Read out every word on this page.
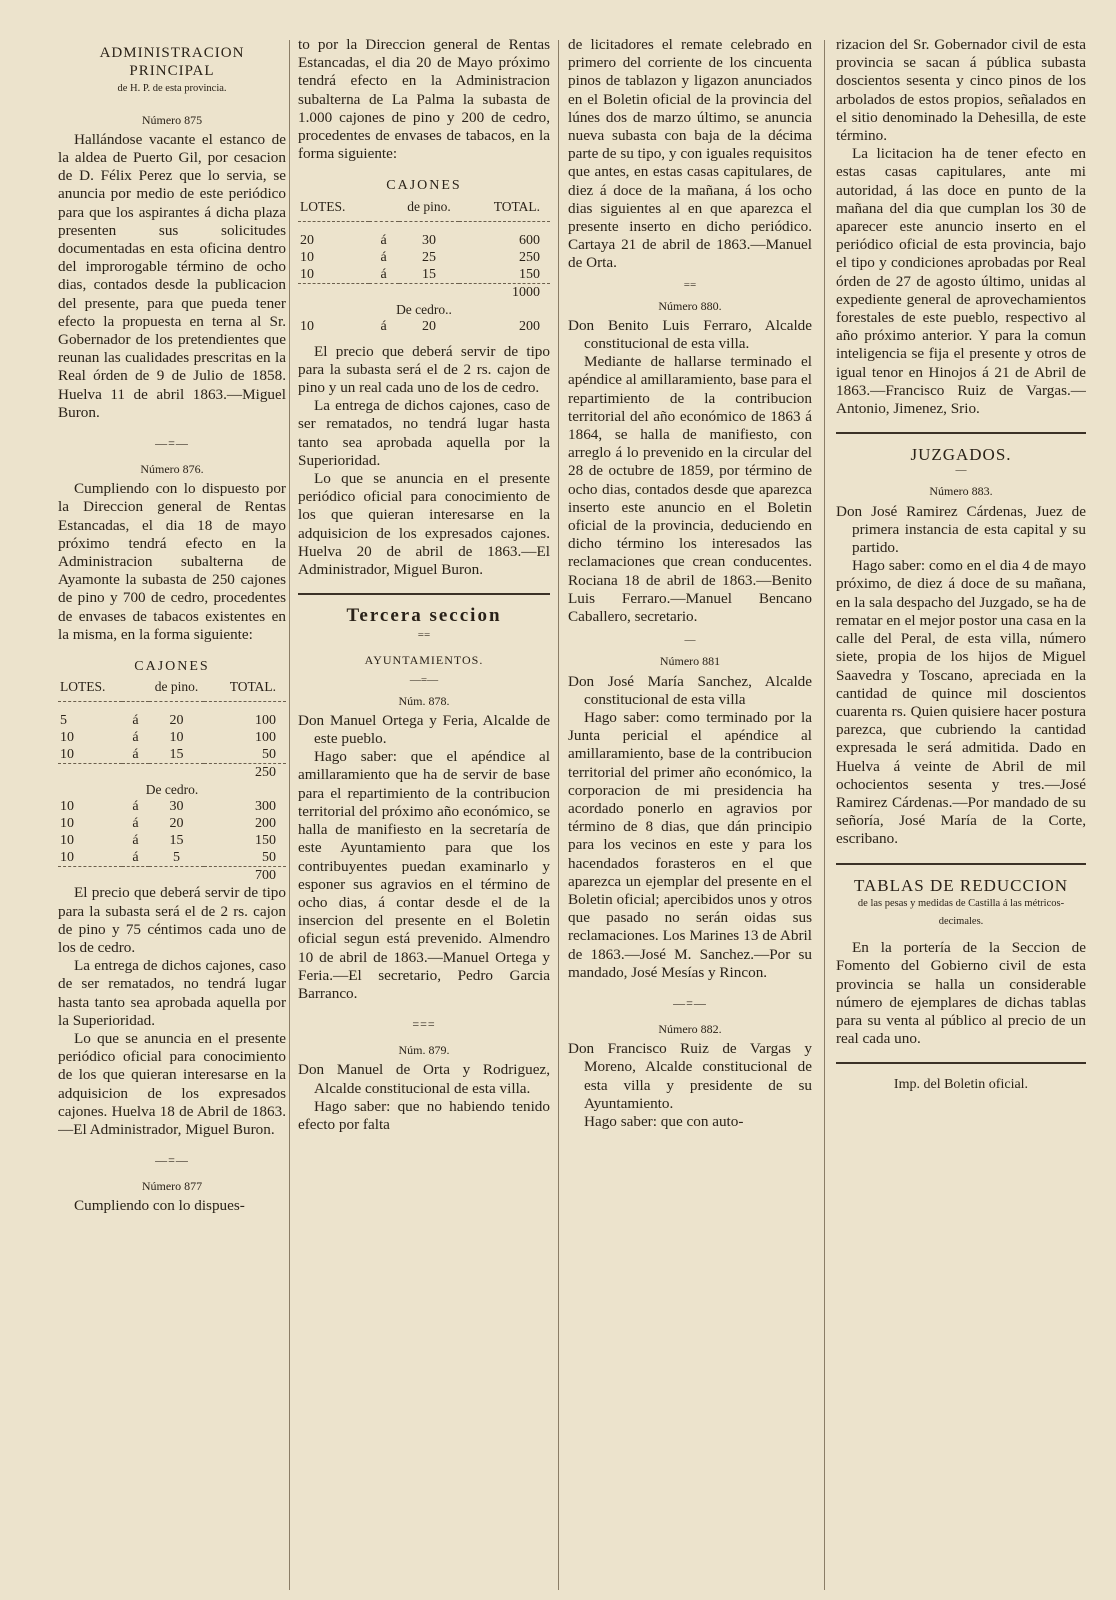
ADMINISTRACION PRINCIPAL
de H. P. de esta provincia.
Número 875

Hallándose vacante el estanco de la aldea de Puerto Gil, por cesacion de D. Félix Perez que lo servia, se anuncia por medio de este periódico para que los aspirantes á dicha plaza presenten sus solicitudes documentadas en esta oficina dentro del improrogable término de ocho dias, contados desde la publicacion del presente, para que pueda tener efecto la propuesta en terna al Sr. Gobernador de los pretendientes que reunan las cualidades prescritas en la Real órden de 9 de Julio de 1858. Huelva 11 de abril 1863.—Miguel Buron.

—=—
Número 876.

Cumpliendo con lo dispuesto por la Direccion general de Rentas Estancadas, el dia 18 de mayo próximo tendrá efecto en la Administracion subalterna de Ayamonte la subasta de 250 cajones de pino y 700 de cedro, procedentes de envases de tabacos existentes en la misma, en la forma siguiente:

CAJONES
LOTES.		de pino.	TOTAL.

5	á	20	100
10	á	10	100
10	á	15	50
			250
De cedro.			
10	á	30	300
10	á	20	200
10	á	15	150
10	á	5	50
			700

El precio que deberá servir de tipo para la subasta será el de 2 rs. cajon de pino y 75 céntimos cada uno de los de cedro.

La entrega de dichos cajones, caso de ser rematados, no tendrá lugar hasta tanto sea aprobada aquella por la Superioridad.

Lo que se anuncia en el presente periódico oficial para conocimiento de los que quieran interesarse en la adquisicion de los expresados cajones. Huelva 18 de Abril de 1863.—El Administrador, Miguel Buron.

—=—
Número 877

Cumpliendo con lo dispues-

to por la Direccion general de Rentas Estancadas, el dia 20 de Mayo próximo tendrá efecto en la Administracion subalterna de La Palma la subasta de 1.000 cajones de pino y 200 de cedro, procedentes de envases de tabacos, en la forma siguiente:

CAJONES
LOTES.		de pino.	TOTAL.

20	á	30	600
10	á	25	250
10	á	15	150
			1000
De cedro..			
10	á	20	200

El precio que deberá servir de tipo para la subasta será el de 2 rs. cajon de pino y un real cada uno de los de cedro.

La entrega de dichos cajones, caso de ser rematados, no tendrá lugar hasta tanto sea aprobada aquella por la Superioridad.

Lo que se anuncia en el presente periódico oficial para conocimiento de los que quieran interesarse en la adquisicion de los expresados cajones. Huelva 20 de abril de 1863.—El Administrador, Miguel Buron.

Tercera seccion
==
AYUNTAMIENTOS.
—=—
Núm. 878.

Don Manuel Ortega y Feria, Alcalde de este pueblo.

Hago saber: que el apéndice al amillaramiento que ha de servir de base para el repartimiento de la contribucion territorial del próximo año económico, se halla de manifiesto en la secretaría de este Ayuntamiento para que los contribuyentes puedan examinarlo y esponer sus agravios en el término de ocho dias, á contar desde el de la insercion del presente en el Boletin oficial segun está prevenido. Almendro 10 de abril de 1863.—Manuel Ortega y Feria.—El secretario, Pedro Garcia Barranco.

===
Núm. 879.

Don Manuel de Orta y Rodriguez, Alcalde constitucional de esta villa.

Hago saber: que no habiendo tenido efecto por falta

de licitadores el remate celebrado en primero del corriente de los cincuenta pinos de tablazon y ligazon anunciados en el Boletin oficial de la provincia del lúnes dos de marzo último, se anuncia nueva subasta con baja de la décima parte de su tipo, y con iguales requisitos que antes, en estas casas capitulares, de diez á doce de la mañana, á los ocho dias siguientes al en que aparezca el presente inserto en dicho periódico. Cartaya 21 de abril de 1863.—Manuel de Orta.

==
Número 880.

Don Benito Luis Ferraro, Alcalde constitucional de esta villa.

Mediante de hallarse terminado el apéndice al amillaramiento, base para el repartimiento de la contribucion territorial del año económico de 1863 á 1864, se halla de manifiesto, con arreglo á lo prevenido en la circular del 28 de octubre de 1859, por término de ocho dias, contados desde que aparezca inserto este anuncio en el Boletin oficial de la provincia, deduciendo en dicho término los interesados las reclamaciones que crean conducentes. Rociana 18 de abril de 1863.—Benito Luis Ferraro.—Manuel Bencano Caballero, secretario.

—
Número 881

Don José María Sanchez, Alcalde constitucional de esta villa

Hago saber: como terminado por la Junta pericial el apéndice al amillaramiento, base de la contribucion territorial del primer año económico, la corporacion de mi presidencia ha acordado ponerlo en agravios por término de 8 dias, que dán principio para los vecinos en este y para los hacendados forasteros en el que aparezca un ejemplar del presente en el Boletin oficial; apercibidos unos y otros que pasado no serán oidas sus reclamaciones. Los Marines 13 de Abril de 1863.—José M. Sanchez.—Por su mandado, José Mesías y Rincon.

—=—
Número 882.

Don Francisco Ruiz de Vargas y Moreno, Alcalde constitucional de esta villa y presidente de su Ayuntamiento.

Hago saber: que con auto-

rizacion del Sr. Gobernador civil de esta provincia se sacan á pública subasta doscientos sesenta y cinco pinos de los arbolados de estos propios, señalados en el sitio denominado la Dehesilla, de este término.

La licitacion ha de tener efecto en estas casas capitulares, ante mi autoridad, á las doce en punto de la mañana del dia que cumplan los 30 de aparecer este anuncio inserto en el periódico oficial de esta provincia, bajo el tipo y condiciones aprobadas por Real órden de 27 de agosto último, unidas al expediente general de aprovechamientos forestales de este pueblo, respectivo al año próximo anterior. Y para la comun inteligencia se fija el presente y otros de igual tenor en Hinojos á 21 de Abril de 1863.—Francisco Ruiz de Vargas.—Antonio, Jimenez, Srio.

JUZGADOS.
—
Número 883.

Don José Ramirez Cárdenas, Juez de primera instancia de esta capital y su partido.

Hago saber: como en el dia 4 de mayo próximo, de diez á doce de su mañana, en la sala despacho del Juzgado, se ha de rematar en el mejor postor una casa en la calle del Peral, de esta villa, número siete, propia de los hijos de Miguel Saavedra y Toscano, apreciada en la cantidad de quince mil doscientos cuarenta rs. Quien quisiere hacer postura parezca, que cubriendo la cantidad expresada le será admitida. Dado en Huelva á veinte de Abril de mil ochocientos sesenta y tres.—José Ramirez Cárdenas.—Por mandado de su señoría, José María de la Corte, escribano.

TABLAS DE REDUCCION
de las pesas y medidas de Castilla á las métricos-decimales.

En la portería de la Seccion de Fomento del Gobierno civil de esta provincia se halla un considerable número de ejemplares de dichas tablas para su venta al público al precio de un real cada uno.

Imp. del Boletin oficial.
